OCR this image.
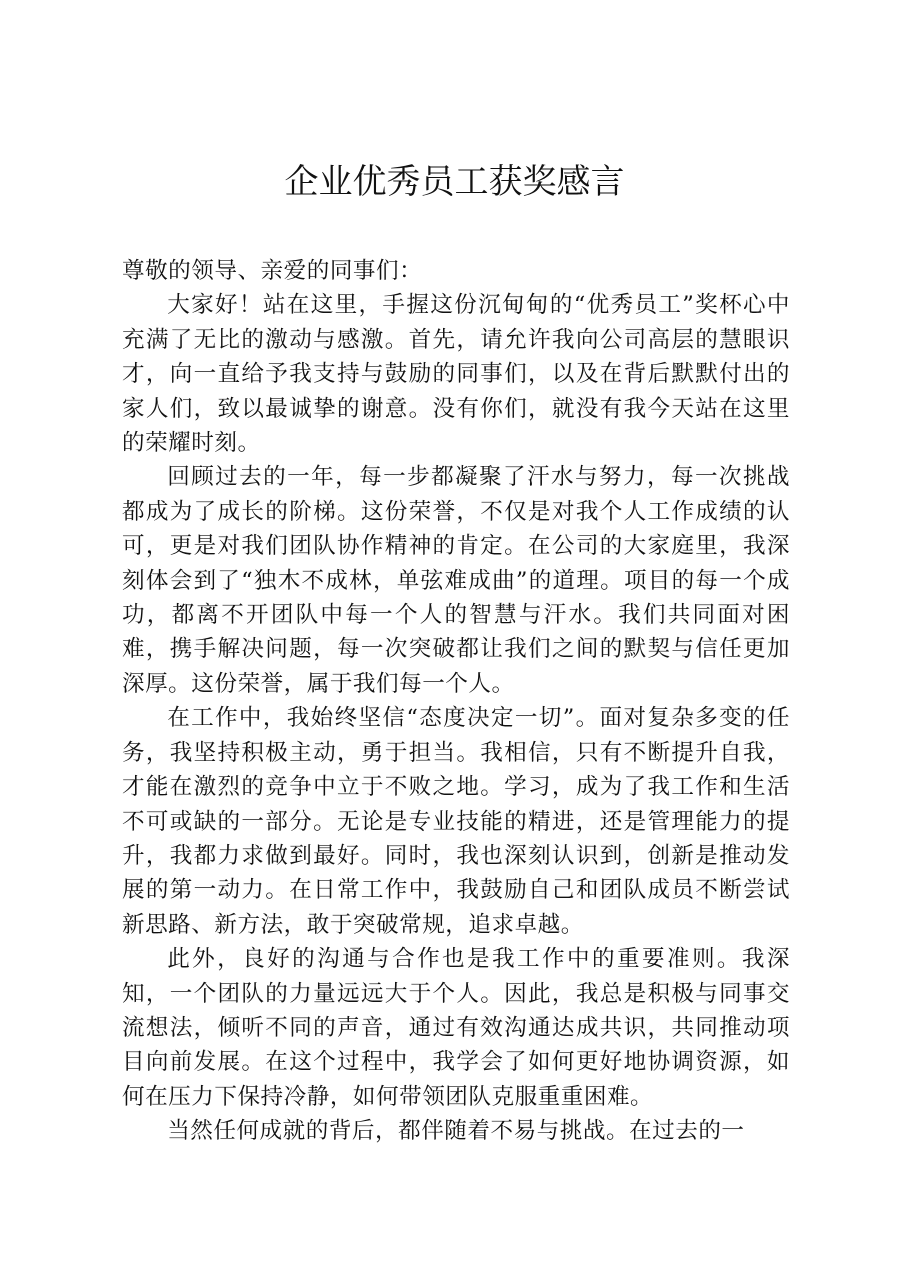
企业优秀员工获奖感言

尊敬的领导、亲爱的同事们：

大家好！站在这里，手握这份沉甸甸的“优秀员工”奖杯心中充满了无比的激动与感激。首先，请允许我向公司高层的慧眼识才，向一直给予我支持与鼓励的同事们，以及在背后默默付出的家人们，致以最诚挚的谢意。没有你们，就没有我今天站在这里的荣耀时刻。

回顾过去的一年，每一步都凝聚了汗水与努力，每一次挑战都成为了成长的阶梯。这份荣誉，不仅是对我个人工作成绩的认可，更是对我们团队协作精神的肯定。在公司的大家庭里，我深刻体会到了“独木不成林，单弦难成曲”的道理。项目的每一个成功，都离不开团队中每一个人的智慧与汗水。我们共同面对困难，携手解决问题，每一次突破都让我们之间的默契与信任更加深厚。这份荣誉，属于我们每一个人。

在工作中，我始终坚信“态度决定一切”。面对复杂多变的任务，我坚持积极主动，勇于担当。我相信，只有不断提升自我，才能在激烈的竞争中立于不败之地。学习，成为了我工作和生活不可或缺的一部分。无论是专业技能的精进，还是管理能力的提升，我都力求做到最好。同时，我也深刻认识到，创新是推动发展的第一动力。在日常工作中，我鼓励自己和团队成员不断尝试新思路、新方法，敢于突破常规，追求卓越。

此外，良好的沟通与合作也是我工作中的重要准则。我深知，一个团队的力量远远大于个人。因此，我总是积极与同事交流想法，倾听不同的声音，通过有效沟通达成共识，共同推动项目向前发展。在这个过程中，我学会了如何更好地协调资源，如何在压力下保持冷静，如何带领团队克服重重困难。

当然任何成就的背后，都伴随着不易与挑战。在过去的一
